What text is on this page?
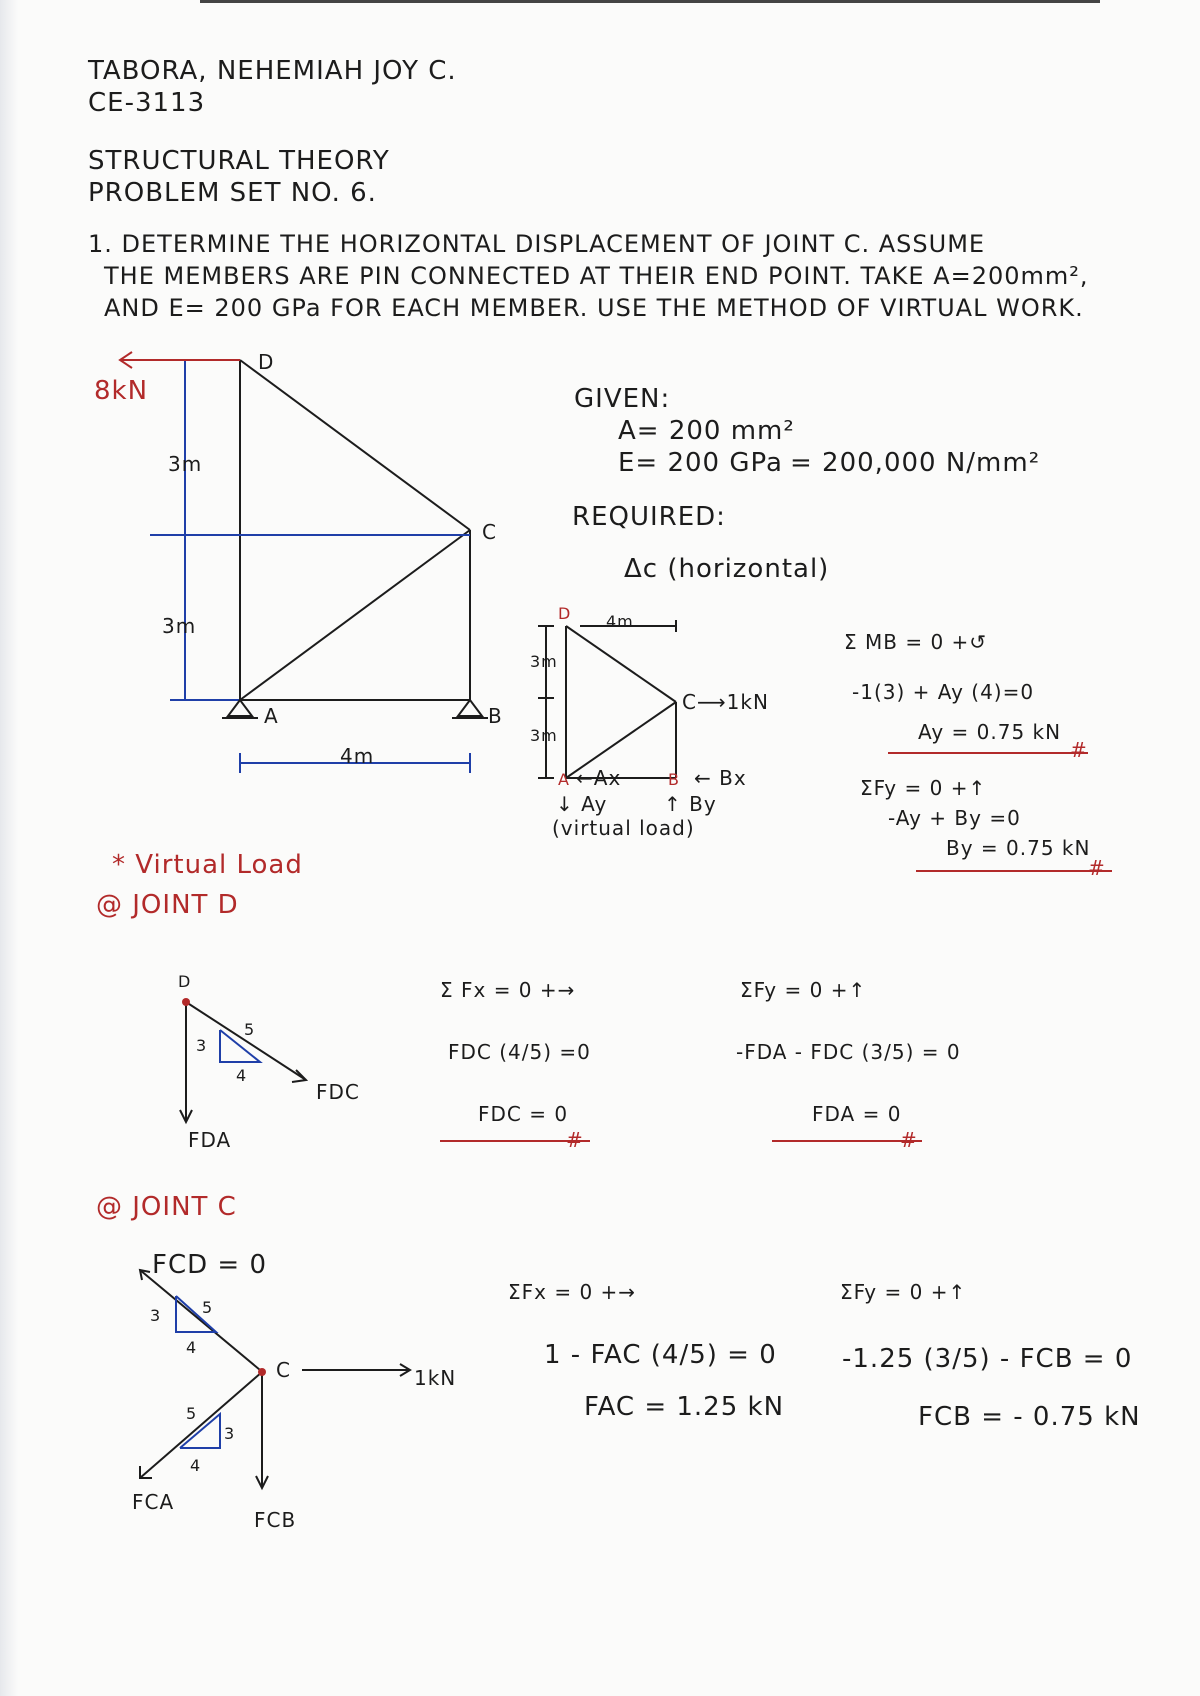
TABORA, NEHEMIAH JOY C.
CE-3113
STRUCTURAL THEORY
PROBLEM SET NO. 6.
1. DETERMINE THE HORIZONTAL DISPLACEMENT OF JOINT C. ASSUME
THE MEMBERS ARE PIN CONNECTED AT THEIR END POINT. TAKE A=200mm²,
AND E= 200 GPa FOR EACH MEMBER. USE THE METHOD OF VIRTUAL WORK.
8kN
3m
3m
4m
D
C
A	B
GIVEN:
A= 200 mm²
E= 200 GPa = 200,000 N/mm²
REQUIRED:
Δc (horizontal)
D 4m
3m
3m
C⟶1kN
A ←Ax	B ← Bx
↓ Ay	↑ By
(virtual load)
Σ MB = 0 +↺
-1(3) + Ay (4)=0
Ay = 0.75 kN
#
ΣFy = 0 +↑
-Ay + By =0
By = 0.75 kN
#
* Virtual Load
@ JOINT D
D
3
5
4
FDC
FDA
Σ Fx = 0 +→
FDC (4/5) =0
FDC = 0
#
ΣFy = 0 +↑
-FDA - FDC (3/5) = 0
FDA = 0
#
@ JOINT C
FCD = 0
3	5
4
5
3
4
C	1kN
FCA
FCB
ΣFx = 0 +→
1 - FAC (4/5) = 0
FAC = 1.25 kN
ΣFy = 0 +↑
-1.25 (3/5) - FCB = 0
FCB = - 0.75 kN
